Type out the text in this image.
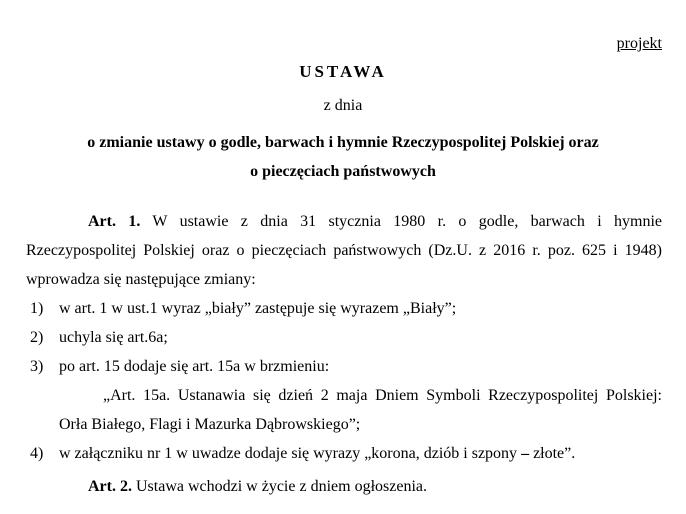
projekt
USTAWA
z dnia
o zmianie ustawy o godle, barwach i hymnie Rzeczypospolitej Polskiej oraz
o pieczęciach państwowych
Art. 1. W ustawie z dnia 31 stycznia 1980 r. o godle, barwach i hymnie
Rzeczypospolitej Polskiej oraz o pieczęciach państwowych (Dz.U. z 2016 r. poz. 625 i 1948)
wprowadza się następujące zmiany:
1) w art. 1 w ust.1 wyraz „biały” zastępuje się wyrazem „Biały”;
2) uchyla się art.6a;
3) po art. 15 dodaje się art. 15a w brzmieniu:
„Art. 15a. Ustanawia się dzień 2 maja Dniem Symboli Rzeczypospolitej Polskiej:
Orła Białego, Flagi i Mazurka Dąbrowskiego”;
4) w załączniku nr 1 w uwadze dodaje się wyrazy „korona, dziób i szpony – złote”.
Art. 2. Ustawa wchodzi w życie z dniem ogłoszenia.
